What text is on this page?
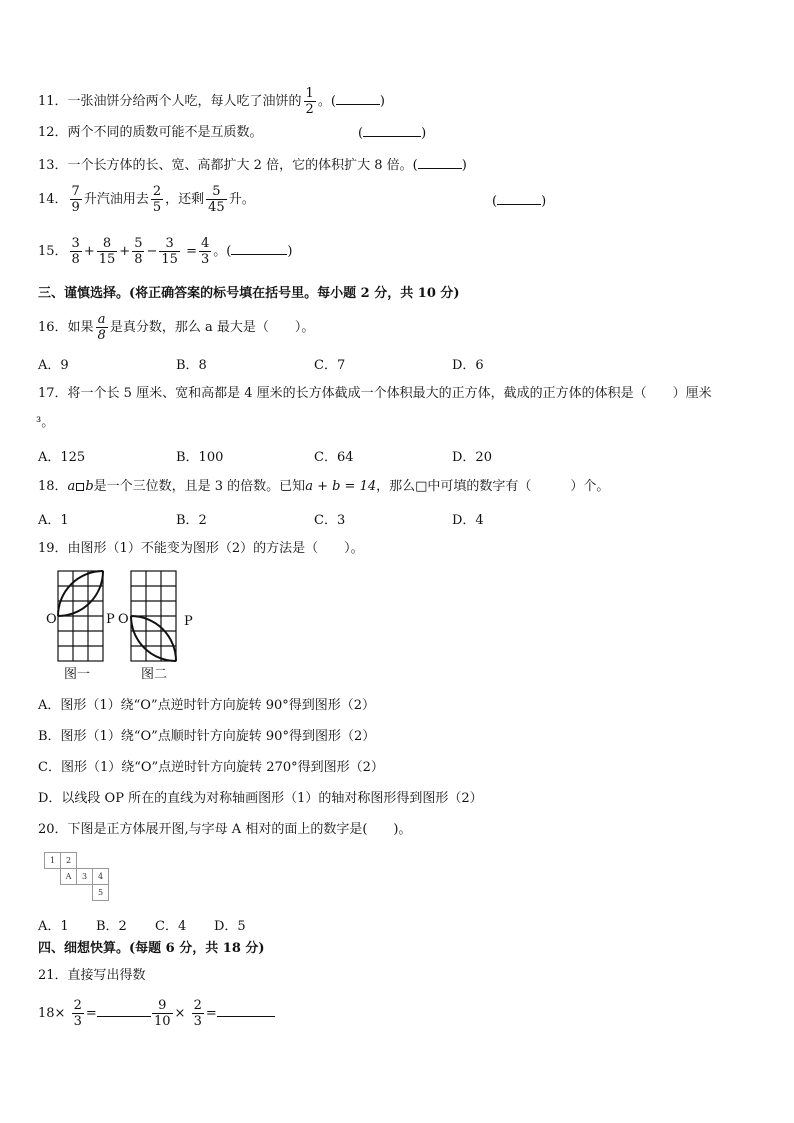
11．一张油饼分给两个人吃，每人吃了油饼的 $\frac{1}{2}$ 。(	)
12．两个不同的质数可能不是互质数。	(	)
13．一个长方体的长、宽、高都扩大 2 倍，它的体积扩大 8 倍。(	)
14． $\frac{7}{9}$ 升汽油用去 $\frac{2}{5}$ ，还剩 $\frac{5}{45}$ 升。	(	)
15． $\frac{3}{8} + \frac{8}{15} + \frac{5}{8} - \frac{3}{15} = \frac{4}{3}$ 。(	)
三、谨慎选择。(将正确答案的标号填在括号里。每小题 2 分，共 10 分)
16．如果 $\frac{a}{8}$ 是真分数，那么 a 最大是（　　）。
A．9	B．8	C．7	D．6
17．将一个长 5 厘米、宽和高都是 4 厘米的长方体截成一个体积最大的正方体，截成的正方体的体积是（　　）厘米
³。
A．125	B．100	C．64	D．20
18．a b是一个三位数，且是 3 的倍数。已知a + b = 14，那么□中可填的数字有（　　　）个。
A．1	B．2	C．3	D．4
19．由图形（1）不能变为图形（2）的方法是（　　）。
O	P
图一
O	P
图二
A．图形（1）绕“O”点逆时针方向旋转 90°得到图形（2）
B．图形（1）绕“O”点顺时针方向旋转 90°得到图形（2）
C．图形（1）绕“O”点逆时针方向旋转 270°得到图形（2）
D．以线段 OP 所在的直线为对称轴画图形（1）的轴对称图形得到图形（2）
20．下图是正方体展开图,与字母 A 相对的面上的数字是(　　)。
1	2		
	A	3	4
			5
A．1 B．2 C．4 D．5
四、细想快算。(每题 6 分，共 18 分)
21．直接写出得数
$18\times \frac{2}{3}$ =	$\frac{9}{10} \times \frac{2}{3}$ =
